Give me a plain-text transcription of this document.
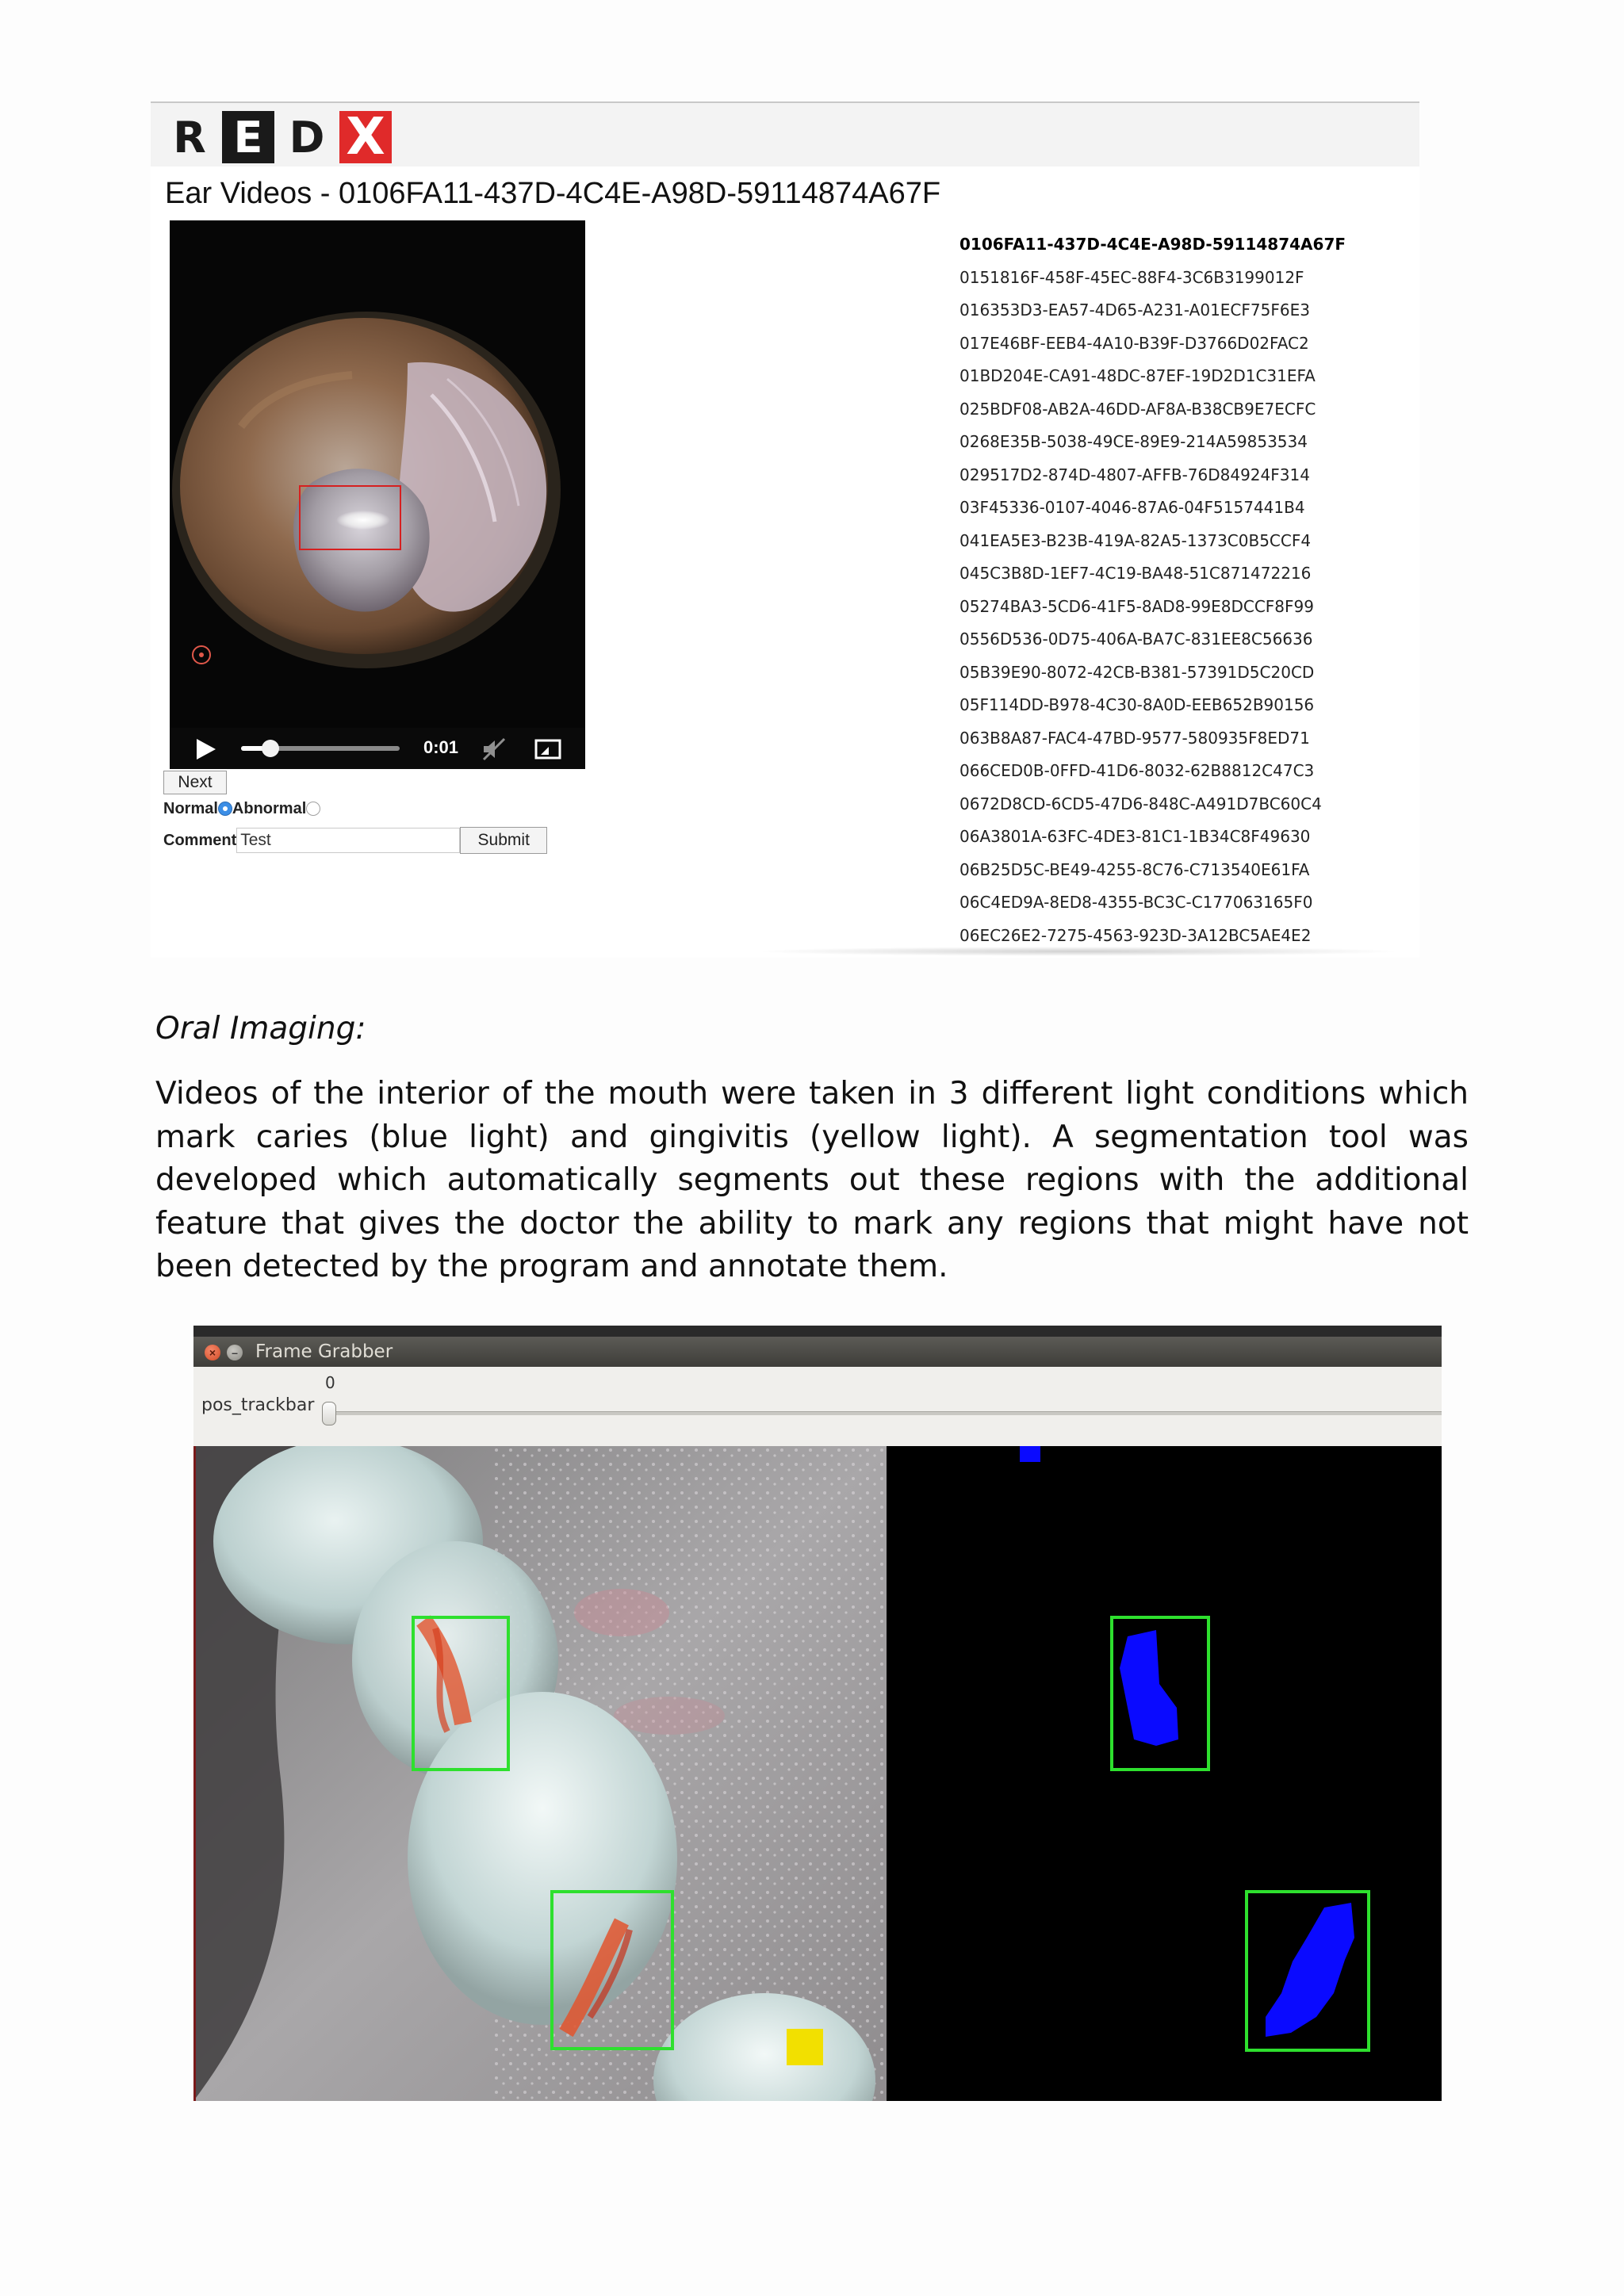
R E D X
Ear Videos - 0106FA11-437D-4C4E-A98D-59114874A67F
0:01
Next
Normal Abnormal
Comment
Test	Submit
0106FA11-437D-4C4E-A98D-59114874A67F
0151816F-458F-45EC-88F4-3C6B3199012F
016353D3-EA57-4D65-A231-A01ECF75F6E3
017E46BF-EEB4-4A10-B39F-D3766D02FAC2
01BD204E-CA91-48DC-87EF-19D2D1C31EFA
025BDF08-AB2A-46DD-AF8A-B38CB9E7ECFC
0268E35B-5038-49CE-89E9-214A59853534
029517D2-874D-4807-AFFB-76D84924F314
03F45336-0107-4046-87A6-04F5157441B4
041EA5E3-B23B-419A-82A5-1373C0B5CCF4
045C3B8D-1EF7-4C19-BA48-51C871472216
05274BA3-5CD6-41F5-8AD8-99E8DCCF8F99
0556D536-0D75-406A-BA7C-831EE8C56636
05B39E90-8072-42CB-B381-57391D5C20CD
05F114DD-B978-4C30-8A0D-EEB652B90156
063B8A87-FAC4-47BD-9577-580935F8ED71
066CED0B-0FFD-41D6-8032-62B8812C47C3
0672D8CD-6CD5-47D6-848C-A491D7BC60C4
06A3801A-63FC-4DE3-81C1-1B34C8F49630
06B25D5C-BE49-4255-8C76-C713540E61FA
06C4ED9A-8ED8-4355-BC3C-C177063165F0
06EC26E2-7275-4563-923D-3A12BC5AE4E2
Oral Imaging:

Videos of the interior of the mouth were taken in 3 different light conditions which mark caries (blue light) and gingivitis (yellow light). A segmentation tool was developed which automatically segments out these regions with the additional feature that gives the doctor the ability to mark any regions that might have not been detected by the program and annotate them.

×	– Frame Grabber
pos_trackbar
0
